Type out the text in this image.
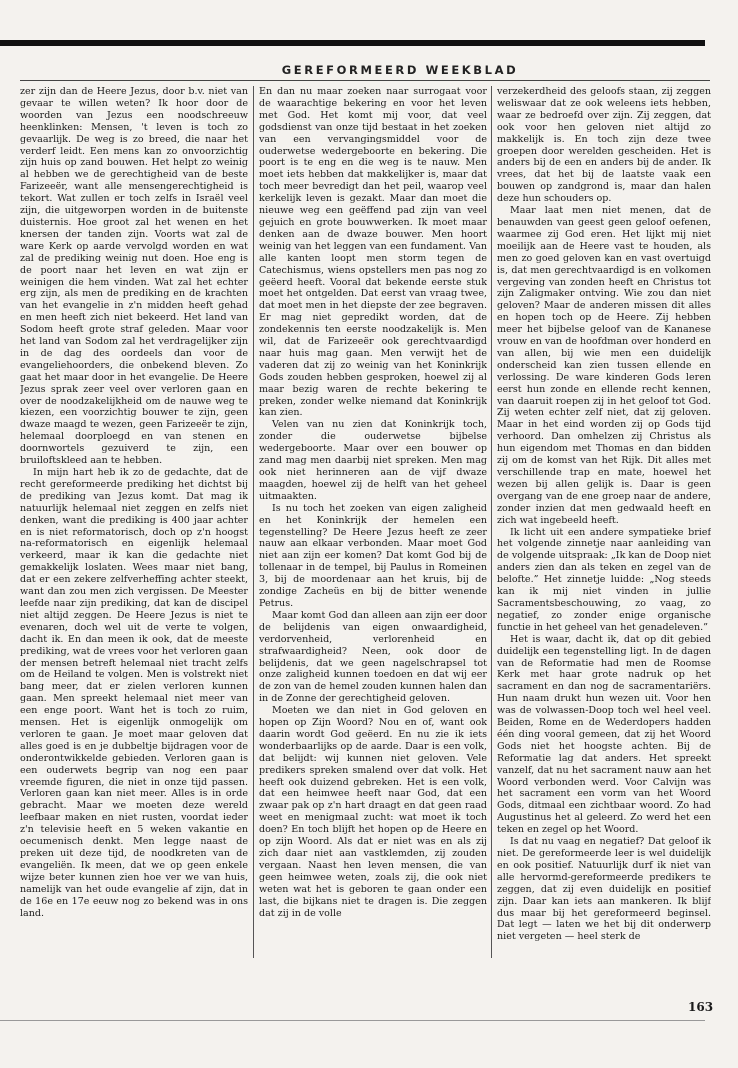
GEREFORMEERD WEEKBLAD

zer zijn dan de Heere Jezus, door b.v. niet van gevaar te willen weten? Ik hoor door de woorden van Jezus een noodschreeuw heenklinken: Mensen, 't leven is toch zo gevaarlijk. De weg is zo breed, die naar het verderf leidt. Een mens kan zo onvoorzichtig zijn huis op zand bouwen. Het helpt zo weinig al hebben we de gerechtigheid van de beste Farizeeër, want alle mensengerechtigheid is tekort. Wat zullen er toch zelfs in Israël veel zijn, die uitgeworpen worden in de buitenste duisternis. Hoe groot zal het wenen en het knersen der tanden zijn. Voorts wat zal de ware Kerk op aarde vervolgd worden en wat zal de prediking weinig nut doen. Hoe eng is de poort naar het leven en wat zijn er weinigen die hem vinden. Wat zal het echter erg zijn, als men de prediking en de krachten van het evangelie in z'n midden heeft gehad en men heeft zich niet bekeerd. Het land van Sodom heeft grote straf geleden. Maar voor het land van Sodom zal het verdragelijker zijn in de dag des oordeels dan voor de evangeliehoorders, die onbekend bleven. Zo gaat het maar door in het evangelie. De Heere Jezus sprak zeer veel over verloren gaan en over de noodzakelijkheid om de nauwe weg te kiezen, een voorzichtig bouwer te zijn, geen dwaze maagd te wezen, geen Farizeeër te zijn, helemaal doorploegd en van stenen en doornwortels gezuiverd te zijn, een bruiloftskleed aan te hebben.

In mijn hart heb ik zo de gedachte, dat de recht gereformeerde prediking het dichtst bij de prediking van Jezus komt. Dat mag ik natuurlijk helemaal niet zeggen en zelfs niet denken, want die prediking is 400 jaar achter en is niet reformatorisch, doch op z'n hoogst na-reformatorisch en eigenlijk helemaal verkeerd, maar ik kan die gedachte niet gemakkelijk loslaten. Wees maar niet bang, dat er een zekere zelfverheffing achter steekt, want dan zou men zich vergissen. De Meester leefde naar zijn prediking, dat kan de discipel niet altijd zeggen. De Heere Jezus is niet te evenaren, doch wel uit de verte te volgen, dacht ik. En dan meen ik ook, dat de meeste prediking, wat de vrees voor het verloren gaan der mensen betreft helemaal niet tracht zelfs om de Heiland te volgen. Men is volstrekt niet bang meer, dat er zielen verloren kunnen gaan. Men spreekt helemaal niet meer van een enge poort. Want het is toch zo ruim, mensen. Het is eigenlijk onmogelijk om verloren te gaan. Je moet maar geloven dat alles goed is en je dubbeltje bijdragen voor de onderontwikkelde gebieden. Verloren gaan is een ouderwets begrip van nog een paar vreemde figuren, die niet in onze tijd passen. Verloren gaan kan niet meer. Alles is in orde gebracht. Maar we moeten deze wereld leefbaar maken en niet rusten, voordat ieder z'n televisie heeft en 5 weken vakantie en oecumenisch denkt. Men legge naast de preken uit deze tijd, de noodkreten van de evangeliën. Ik meen, dat we op geen enkele wijze beter kunnen zien hoe ver we van huis, namelijk van het oude evangelie af zijn, dat in de 16e en 17e eeuw nog zo bekend was in ons land.

En dan nu maar zoeken naar surrogaat voor de waarachtige bekering en voor het leven met God. Het komt mij voor, dat veel godsdienst van onze tijd bestaat in het zoeken van een vervangingsmiddel voor de ouderwetse wedergeboorte en bekering. Die poort is te eng en die weg is te nauw. Men moet iets hebben dat makkelijker is, maar dat toch meer bevredigt dan het peil, waarop veel kerkelijk leven is gezakt. Maar dan moet die nieuwe weg een geëffend pad zijn van veel gejuich en grote bouwwerken. Ik moet maar denken aan de dwaze bouwer. Men hoort weinig van het leggen van een fundament. Van alle kanten loopt men storm tegen de Catechismus, wiens opstellers men pas nog zo geëerd heeft. Vooral dat bekende eerste stuk moet het ontgelden. Dat eerst van vraag twee, dat moet men in het diepste der zee begraven. Er mag niet gepredikt worden, dat de zondekennis ten eerste noodzakelijk is. Men wil, dat de Farizeeër ook gerechtvaardigd naar huis mag gaan. Men verwijt het de vaderen dat zij zo weinig van het Koninkrijk Gods zouden hebben gesproken, hoewel zij al maar bezig waren de rechte bekering te preken, zonder welke niemand dat Koninkrijk kan zien.

Velen van nu zien dat Koninkrijk toch, zonder die ouderwetse bijbelse wedergeboorte. Maar over een bouwer op zand mag men daarbij niet spreken. Men mag ook niet herinneren aan de vijf dwaze maagden, hoewel zij de helft van het geheel uitmaakten.

Is nu toch het zoeken van eigen zaligheid en het Koninkrijk der hemelen een tegenstelling? De Heere Jezus heeft ze zeer nauw aan elkaar verbonden. Maar moet God niet aan zijn eer komen? Dat komt God bij de tollenaar in de tempel, bij Paulus in Romeinen 3, bij de moordenaar aan het kruis, bij de zondige Zacheüs en bij de bitter wenende Petrus.

Maar komt God dan alleen aan zijn eer door de belijdenis van eigen onwaardigheid, verdorvenheid, verlorenheid en strafwaardigheid? Neen, ook door de belijdenis, dat we geen nagelschrapsel tot onze zaligheid kunnen toedoen en dat wij eer de zon van de hemel zouden kunnen halen dan in de Zonne der gerechtigheid geloven.

Moeten we dan niet in God geloven en hopen op Zijn Woord? Nou en of, want ook daarin wordt God geëerd. En nu zie ik iets wonderbaarlijks op de aarde. Daar is een volk, dat belijdt: wij kunnen niet geloven. Vele predikers spreken smalend over dat volk. Het heeft ook duizend gebreken. Het is een volk, dat een heimwee heeft naar God, dat een zwaar pak op z'n hart draagt en dat geen raad weet en menigmaal zucht: wat moet ik toch doen? En toch blijft het hopen op de Heere en op zijn Woord. Als dat er niet was en als zij zich daar niet aan vastklemden, zij zouden vergaan. Naast hen leven mensen, die van geen heimwee weten, zoals zij, die ook niet weten wat het is geboren te gaan onder een last, die bijkans niet te dragen is. Die zeggen dat zij in de volle

verzekerdheid des geloofs staan, zij zeggen weliswaar dat ze ook weleens iets hebben, waar ze bedroefd over zijn. Zij zeggen, dat ook voor hen geloven niet altijd zo makkelijk is. En toch zijn deze twee groepen door werelden gescheiden. Het is anders bij de een en anders bij de ander. Ik vrees, dat het bij de laatste vaak een bouwen op zandgrond is, maar dan halen deze hun schouders op.

Maar laat men niet menen, dat de benauwden van geest geen geloof oefenen, waarmee zij God eren. Het lijkt mij niet moeilijk aan de Heere vast te houden, als men zo goed geloven kan en vast overtuigd is, dat men gerechtvaardigd is en volkomen vergeving van zonden heeft en Christus tot zijn Zaligmaker ontving. Wie zou dan niet geloven? Maar de anderen missen dit alles en hopen toch op de Heere. Zij hebben meer het bijbelse geloof van de Kananese vrouw en van de hoofdman over honderd en van allen, bij wie men een duidelijk onderscheid kan zien tussen ellende en verlossing. De ware kinderen Gods leren eerst hun zonde en ellende recht kennen, van daaruit roepen zij in het geloof tot God. Zij weten echter zelf niet, dat zij geloven. Maar in het eind worden zij op Gods tijd verhoord. Dan omhelzen zij Christus als hun eigendom met Thomas en dan bidden zij om de komst van het Rijk. Dit alles met verschillende trap en mate, hoewel het wezen bij allen gelijk is. Daar is geen overgang van de ene groep naar de andere, zonder inzien dat men gedwaald heeft en zich wat ingebeeld heeft.

Ik licht uit een andere sympatieke brief het volgende zinnetje naar aanleiding van de volgende uitspraak: „Ik kan de Doop niet anders zien dan als teken en zegel van de belofte.” Het zinnetje luidde: „Nog steeds kan ik mij niet vinden in jullie Sacramentsbeschouwing, zo vaag, zo negatief, zo zonder enige organische functie in het geheel van het genadeleven.”

Het is waar, dacht ik, dat op dit gebied duidelijk een tegenstelling ligt. In de dagen van de Reformatie had men de Roomse Kerk met haar grote nadruk op het sacrament en dan nog de sacramentariërs. Hun naam drukt hun wezen uit. Voor hen was de volwassen-Doop toch wel heel veel. Beiden, Rome en de Wederdopers hadden één ding vooral gemeen, dat zij het Woord Gods niet het hoogste achten. Bij de Reformatie lag dat anders. Het spreekt vanzelf, dat nu het sacrament nauw aan het Woord verbonden werd. Voor Calvijn was het sacrament een vorm van het Woord Gods, ditmaal een zichtbaar woord. Zo had Augustinus het al geleerd. Zo werd het een teken en zegel op het Woord.

Is dat nu vaag en negatief? Dat geloof ik niet. De gereformeerde leer is wel duidelijk en ook positief. Natuurlijk durf ik niet van alle hervormd-gereformeerde predikers te zeggen, dat zij even duidelijk en positief zijn. Daar kan iets aan mankeren. Ik blijf dus maar bij het gereformeerd beginsel. Dat legt — laten we het bij dit onderwerp niet vergeten — heel sterk de

163
